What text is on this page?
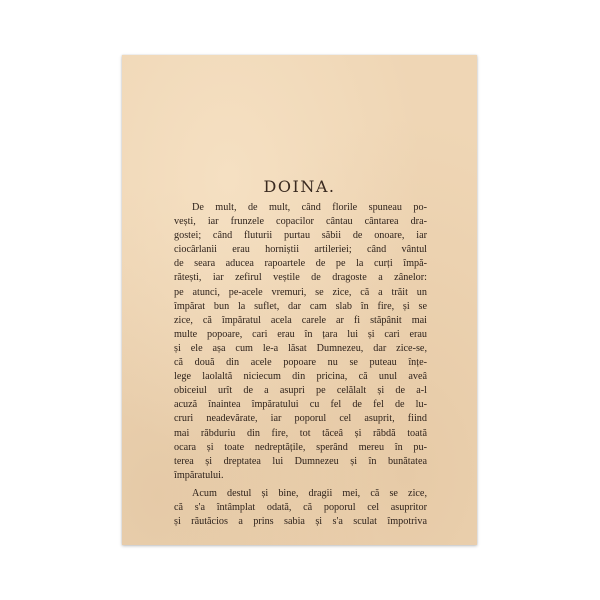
DOINA.
De mult, de mult, când florile spuneau po-
vești, iar frunzele copacilor cântau cântarea dra-
gostei; când fluturii purtau săbii de onoare, iar
ciocârlanii erau horniștii artileriei; când vântul
de seara aducea rapoartele de pe la curți împă-
rătești, iar zefirul veștile de dragoste a zânelor:
pe atunci, pe-acele vremuri, se zice, că a trăit un
împărat bun la suflet, dar cam slab în fire, și se
zice, că împăratul acela carele ar fi stăpânit mai
multe popoare, cari erau în țara lui și cari erau
și ele așa cum le-a lăsat Dumnezeu, dar zice-se,
că două din acele popoare nu se puteau înțe-
lege laolaltă niciecum din pricina, că unul aveâ
obiceiul urît de a asupri pe celălalt și de a-l
acuză înaintea împăratului cu fel de fel de lu-
cruri neadevărate, iar poporul cel asuprit, fiind
mai răbduriu din fire, tot tăceâ și răbdă toată
ocara și toate nedreptățile, sperând mereu în pu-
terea și dreptatea lui Dumnezeu și în bunătatea
împăratului.
Acum destul și bine, dragii mei, că se zice,
că s'a întâmplat odată, că poporul cel asupritor
și răutăcios a prins sabia și s'a sculat împotriva
